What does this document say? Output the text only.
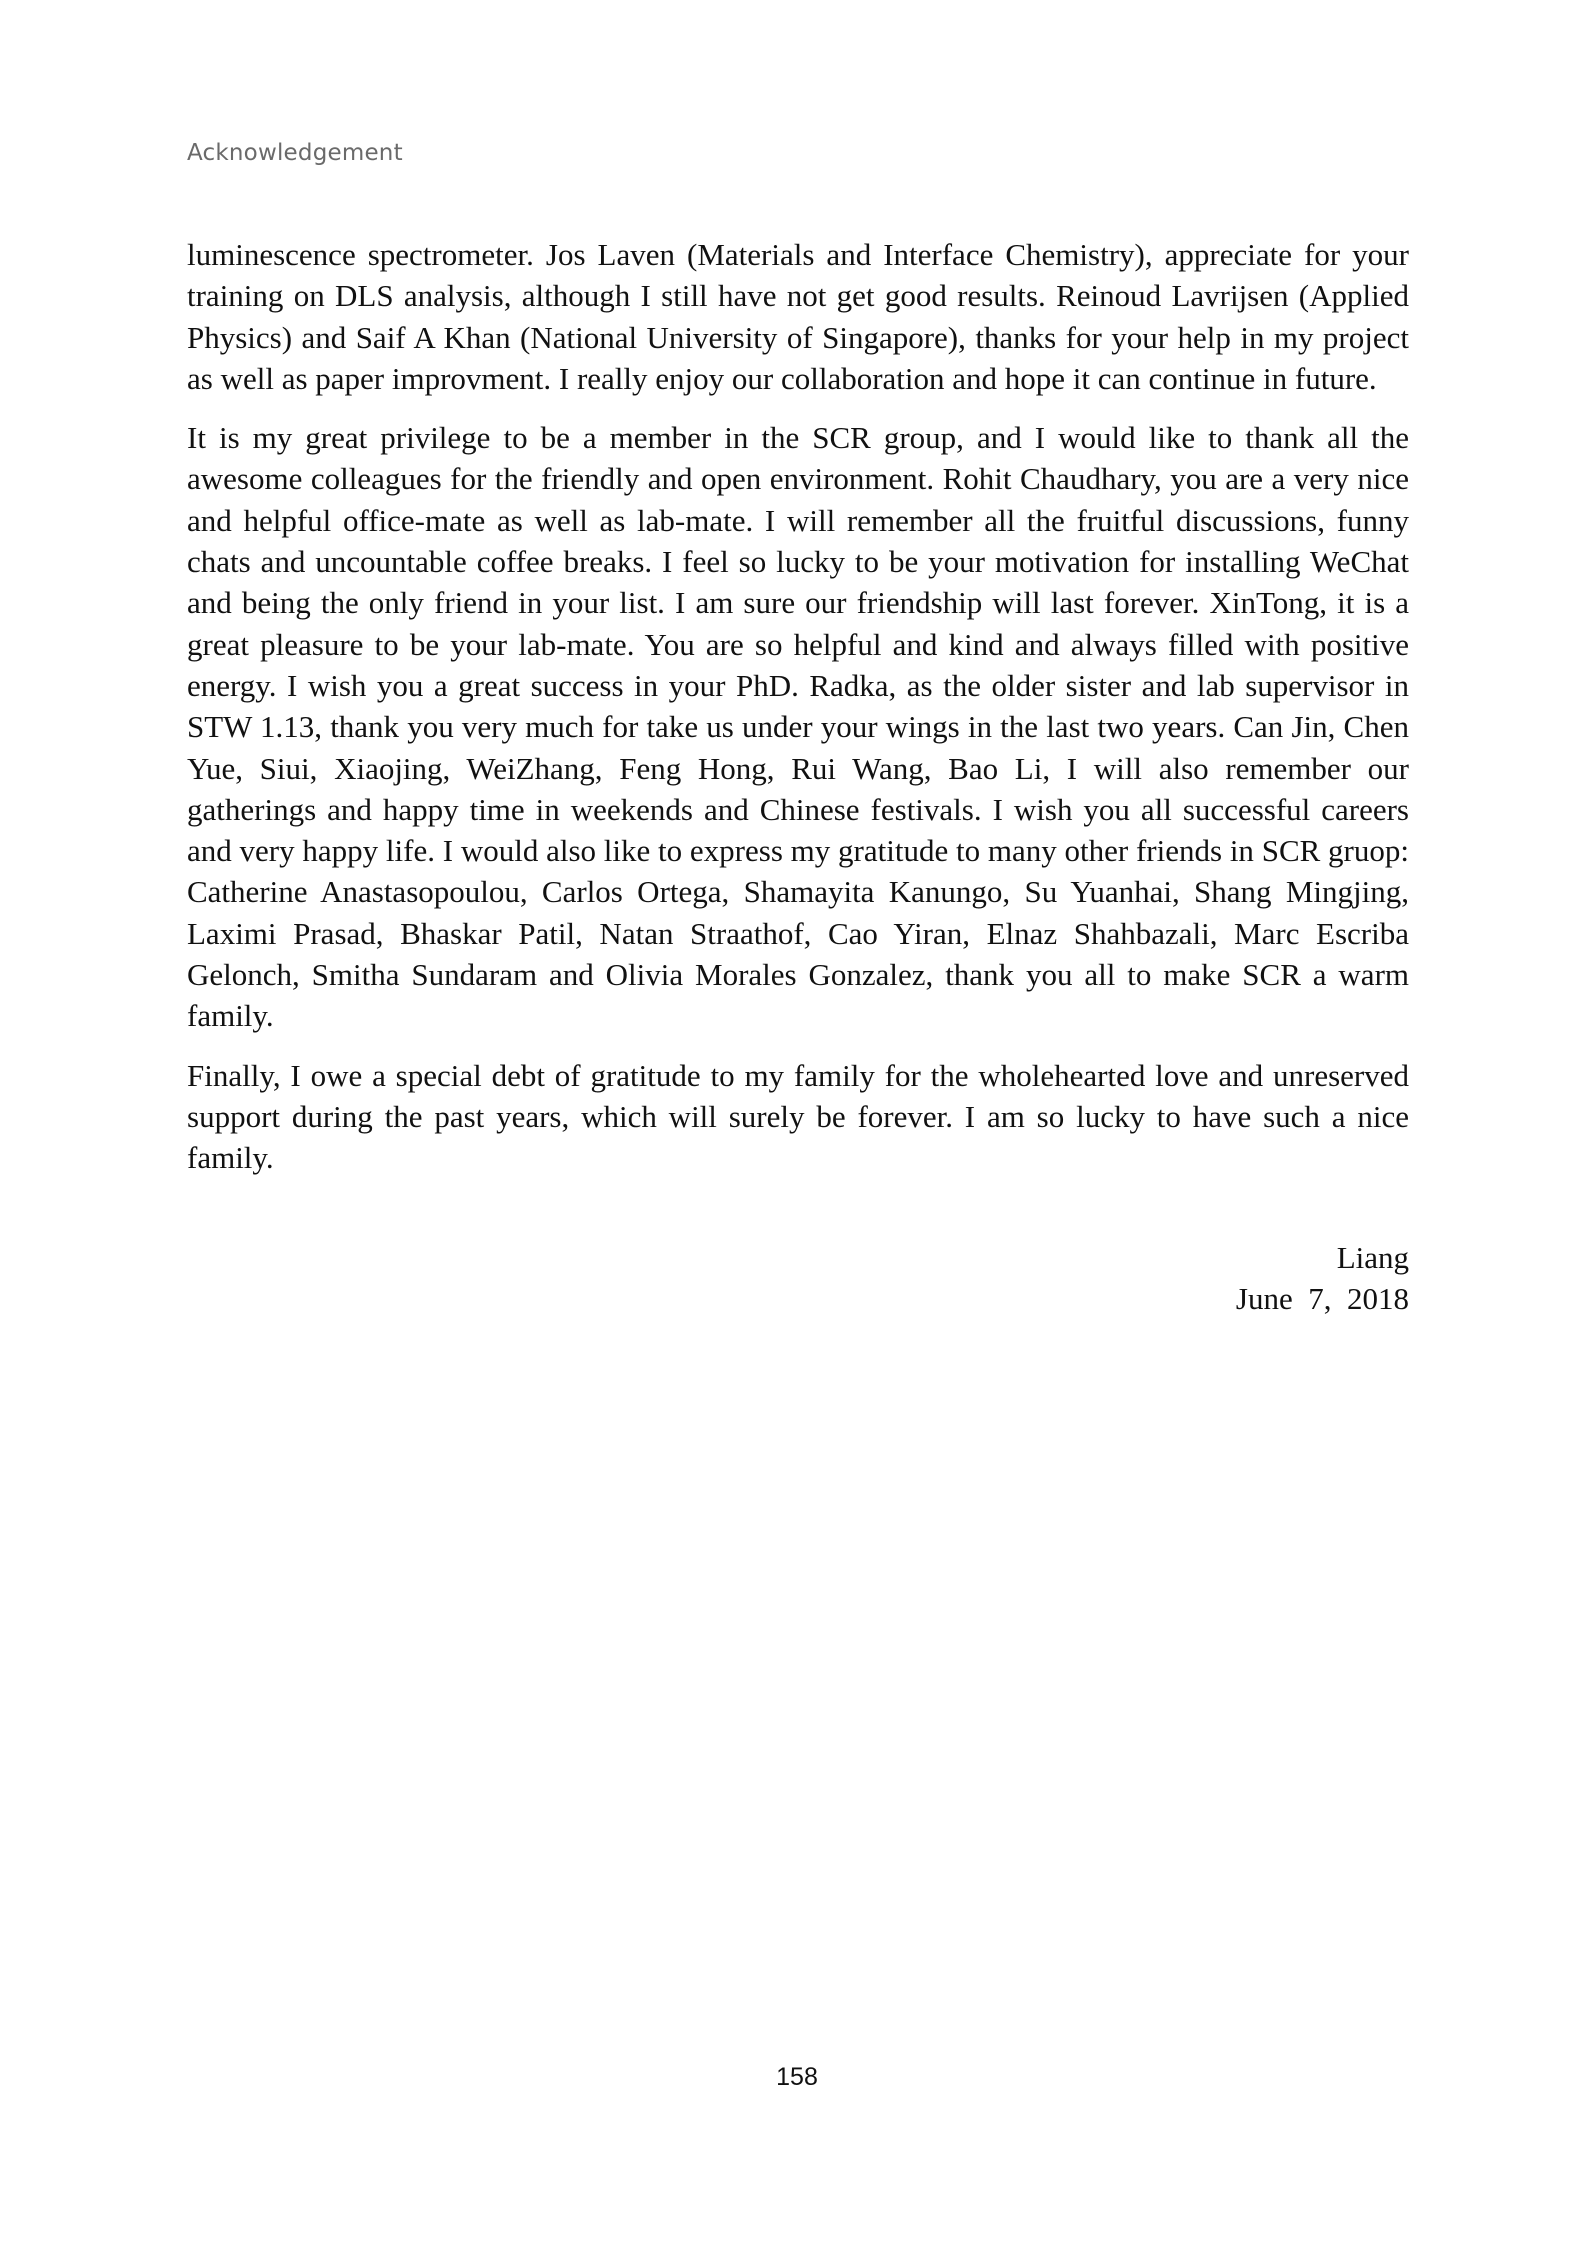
Acknowledgement

luminescence spectrometer. Jos Laven (Materials and Interface Chemistry), appreciate for your training on DLS analysis, although I still have not get good results. Reinoud Lavrijsen (Applied Physics) and Saif A Khan (National University of Singapore), thanks for your help in my project as well as paper improvment. I really enjoy our collaboration and hope it can continue in future.

It is my great privilege to be a member in the SCR group, and I would like to thank all the awesome colleagues for the friendly and open environment. Rohit Chaudhary, you are a very nice and helpful office-mate as well as lab-mate. I will remember all the fruitful discussions, funny chats and uncountable coffee breaks. I feel so lucky to be your motivation for installing WeChat and being the only friend in your list. I am sure our friendship will last forever. XinTong, it is a great pleasure to be your lab-mate. You are so helpful and kind and always filled with positive energy. I wish you a great success in your PhD. Radka, as the older sister and lab supervisor in STW 1.13, thank you very much for take us under your wings in the last two years. Can Jin, Chen Yue, Siui, Xiaojing, WeiZhang, Feng Hong, Rui Wang, Bao Li, I will also remember our gatherings and happy time in weekends and Chinese festivals. I wish you all successful careers and very happy life. I would also like to express my gratitude to many other friends in SCR gruop: Catherine Anastasopoulou, Carlos Ortega, Shamayita Kanungo, Su Yuanhai, Shang Mingjing, Laximi Prasad, Bhaskar Patil, Natan Straathof, Cao Yiran, Elnaz Shahbazali, Marc Escriba Gelonch, Smitha Sundaram and Olivia Morales Gonzalez, thank you all to make SCR a warm family.

Finally, I owe a special debt of gratitude to my family for the wholehearted love and unreserved support during the past years, which will surely be forever. I am so lucky to have such a nice family.

Liang
June  7,  2018
158
